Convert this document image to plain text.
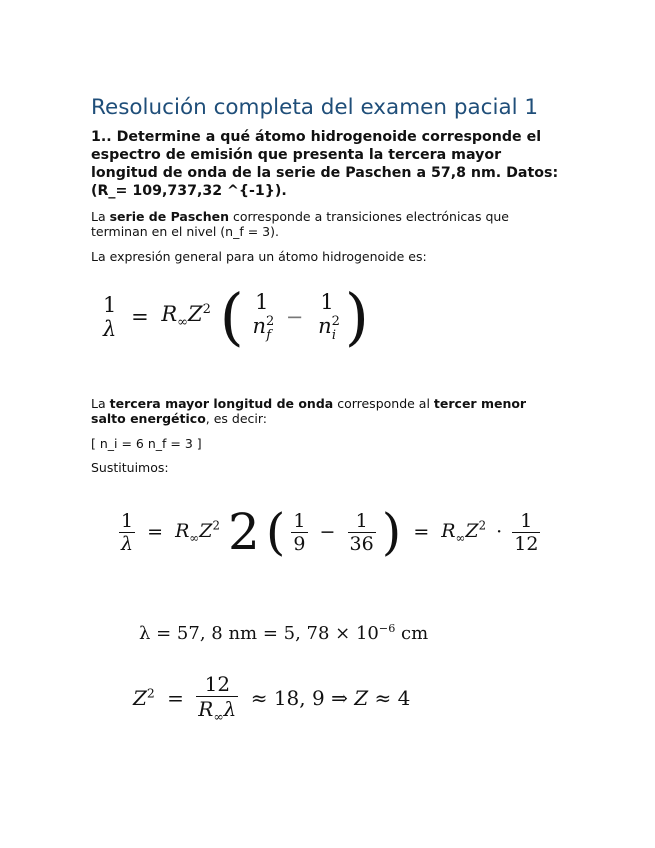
Resolución completa del examen pacial 1
1.. Determine a qué átomo hidrogenoide corresponde el espectro de emisión que presenta la tercera mayor longitud de onda de la serie de Paschen a 57,8 nm. Datos: (R_= 109,737,32 ^{-1}).
La serie de Paschen corresponde a transiciones electrónicas que terminan en el nivel (n_f = 3).
La expresión general para un átomo hidrogenoide es:
1
$\lambda = R_\infty Z^2$ ( 1
$n^2_f$
−
1
$n^2_i$ )
La tercera mayor longitud de onda corresponde al tercer menor salto energético, es decir:
[ n_i = 6 n_f = 3 ]
Sustituimos:
$\frac{1}{\lambda} = R_\infty Z^2$ 2 ( $\frac{1}{9} - \frac{1}{36}$ ) = $R_\infty Z^2 \cdot \frac{1}{12}$
λ = 57, 8 nm = 5, $78 \times 10^{-6}$ cm
$Z^2 = \frac{12}{R_\infty\lambda} \approx 18$, 9 ⇒ Z ≈ 4
